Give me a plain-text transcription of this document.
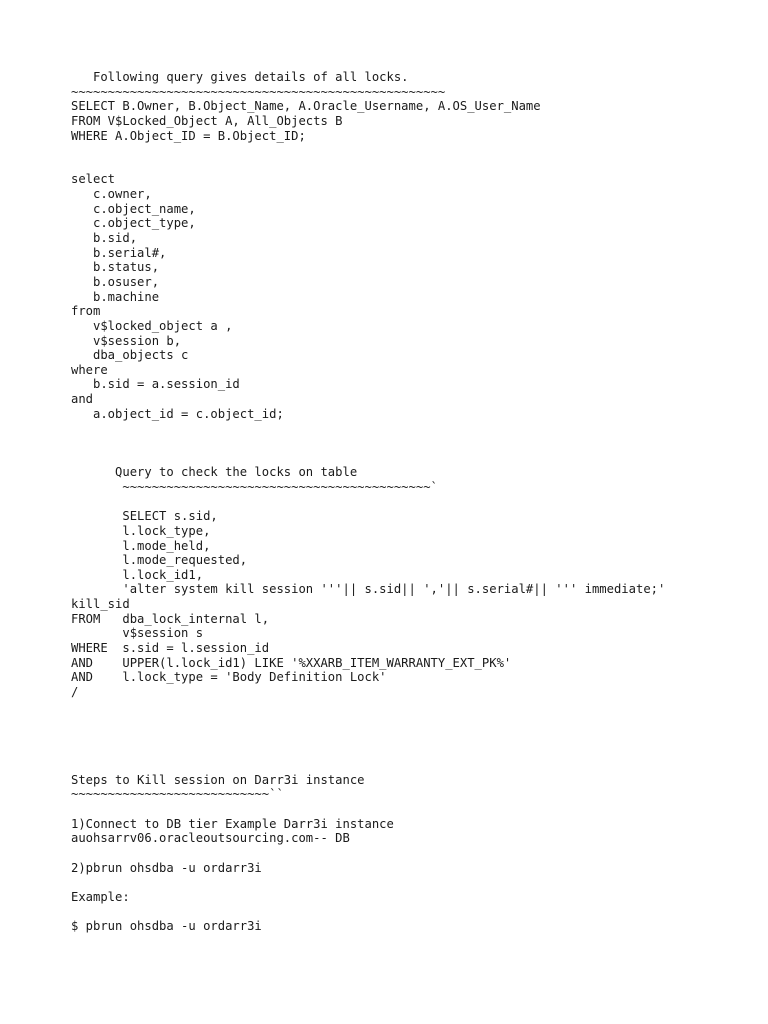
Following query gives details of all locks.
~~~~~~~~~~~~~~~~~~~~~~~~~~~~~~~~~~~~~~~~~~~~~~~~~~~
SELECT B.Owner, B.Object_Name, A.Oracle_Username, A.OS_User_Name
FROM V$Locked_Object A, All_Objects B
WHERE A.Object_ID = B.Object_ID;
select
c.owner,
c.object_name,
c.object_type,
b.sid,
b.serial#,
b.status,
b.osuser,
b.machine
from
v$locked_object a ,
v$session b,
dba_objects c
where
b.sid = a.session_id
and
a.object_id = c.object_id;
Query to check the locks on table
~~~~~~~~~~~~~~~~~~~~~~~~~~~~~~~~~~~~~~~~~~`
SELECT s.sid,
l.lock_type,
l.mode_held,
l.mode_requested,
l.lock_id1,
'alter system kill session '''|| s.sid|| ','|| s.serial#|| ''' immediate;'
kill_sid
FROM   dba_lock_internal l,
v$session s
WHERE  s.sid = l.session_id
AND    UPPER(l.lock_id1) LIKE '%XXARB_ITEM_WARRANTY_EXT_PK%'
AND    l.lock_type = 'Body Definition Lock'
/
Steps to Kill session on Darr3i instance
~~~~~~~~~~~~~~~~~~~~~~~~~~~``
1)Connect to DB tier Example Darr3i instance
auohsarrv06.oracleoutsourcing.com-- DB
2)pbrun ohsdba -u ordarr3i
Example:
$ pbrun ohsdba -u ordarr3i
